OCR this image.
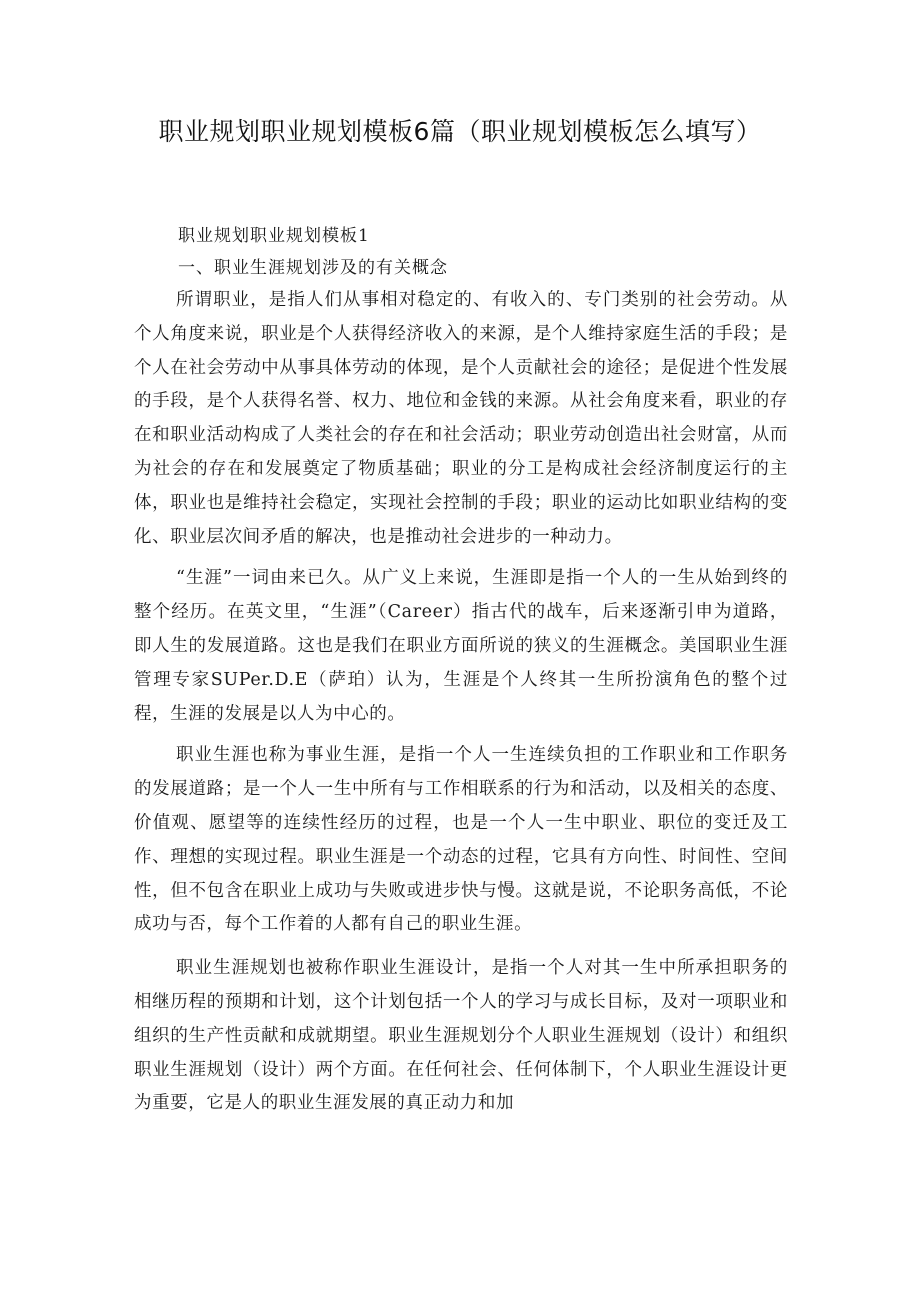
职业规划职业规划模板6篇（职业规划模板怎么填写）

职业规划职业规划模板1

一、职业生涯规划涉及的有关概念

所谓职业，是指人们从事相对稳定的、有收入的、专门类别的社会劳动。从个人角度来说，职业是个人获得经济收入的来源，是个人维持家庭生活的手段；是个人在社会劳动中从事具体劳动的体现，是个人贡献社会的途径；是促进个性发展的手段，是个人获得名誉、权力、地位和金钱的来源。从社会角度来看，职业的存在和职业活动构成了人类社会的存在和社会活动；职业劳动创造出社会财富，从而为社会的存在和发展奠定了物质基础；职业的分工是构成社会经济制度运行的主体，职业也是维持社会稳定，实现社会控制的手段；职业的运动比如职业结构的变化、职业层次间矛盾的解决，也是推动社会进步的一种动力。

“生涯”一词由来已久。从广义上来说，生涯即是指一个人的一生从始到终的整个经历。在英文里，“生涯”（Career）指古代的战车，后来逐渐引申为道路，即人生的发展道路。这也是我们在职业方面所说的狭义的生涯概念。美国职业生涯管理专家SUPer.D.E（萨珀）认为，生涯是个人终其一生所扮演角色的整个过程，生涯的发展是以人为中心的。

职业生涯也称为事业生涯，是指一个人一生连续负担的工作职业和工作职务的发展道路；是一个人一生中所有与工作相联系的行为和活动，以及相关的态度、价值观、愿望等的连续性经历的过程，也是一个人一生中职业、职位的变迁及工作、理想的实现过程。职业生涯是一个动态的过程，它具有方向性、时间性、空间性，但不包含在职业上成功与失败或进步快与慢。这就是说，不论职务高低，不论成功与否，每个工作着的人都有自己的职业生涯。

职业生涯规划也被称作职业生涯设计，是指一个人对其一生中所承担职务的相继历程的预期和计划，这个计划包括一个人的学习与成长目标，及对一项职业和组织的生产性贡献和成就期望。职业生涯规划分个人职业生涯规划（设计）和组织职业生涯规划（设计）两个方面。在任何社会、任何体制下，个人职业生涯设计更为重要，它是人的职业生涯发展的真正动力和加
